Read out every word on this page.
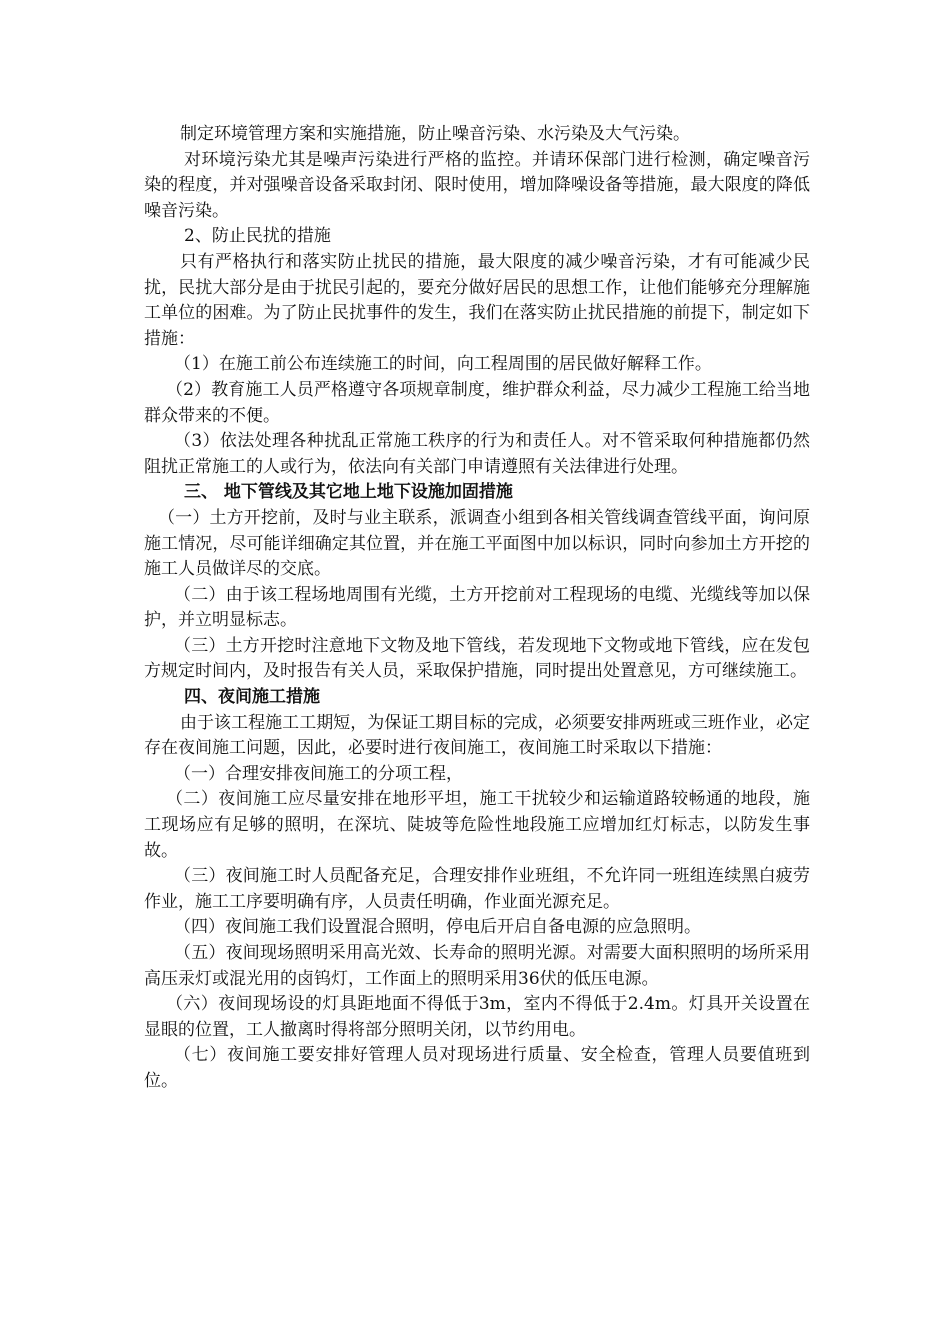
制定环境管理方案和实施措施，防止噪音污染、水污染及大气污染。

对环境污染尤其是噪声污染进行严格的监控。并请环保部门进行检测，确定噪音污染的程度，并对强噪音设备采取封闭、限时使用，增加降噪设备等措施，最大限度的降低噪音污染。

2、防止民扰的措施

只有严格执行和落实防止扰民的措施，最大限度的减少噪音污染，才有可能减少民扰，民扰大部分是由于扰民引起的，要充分做好居民的思想工作，让他们能够充分理解施工单位的困难。为了防止民扰事件的发生，我们在落实防止扰民措施的前提下，制定如下措施：

（1）在施工前公布连续施工的时间，向工程周围的居民做好解释工作。

（2）教育施工人员严格遵守各项规章制度，维护群众利益，尽力减少工程施工给当地群众带来的不便。

（3）依法处理各种扰乱正常施工秩序的行为和责任人。对不管采取何种措施都仍然阻扰正常施工的人或行为，依法向有关部门申请遵照有关法律进行处理。

三、 地下管线及其它地上地下设施加固措施

（一）土方开挖前，及时与业主联系，派调查小组到各相关管线调查管线平面，询问原施工情况，尽可能详细确定其位置，并在施工平面图中加以标识，同时向参加土方开挖的施工人员做详尽的交底。

（二）由于该工程场地周围有光缆，土方开挖前对工程现场的电缆、光缆线等加以保护，并立明显标志。

（三）土方开挖时注意地下文物及地下管线，若发现地下文物或地下管线，应在发包方规定时间内，及时报告有关人员，采取保护措施，同时提出处置意见，方可继续施工。

四、夜间施工措施

由于该工程施工工期短，为保证工期目标的完成，必须要安排两班或三班作业，必定存在夜间施工问题，因此，必要时进行夜间施工，夜间施工时采取以下措施：

（一）合理安排夜间施工的分项工程，

（二）夜间施工应尽量安排在地形平坦，施工干扰较少和运输道路较畅通的地段，施工现场应有足够的照明，在深坑、陡坡等危险性地段施工应增加红灯标志，以防发生事故。

（三）夜间施工时人员配备充足，合理安排作业班组，不允许同一班组连续黑白疲劳作业，施工工序要明确有序，人员责任明确，作业面光源充足。

（四）夜间施工我们设置混合照明，停电后开启自备电源的应急照明。

（五）夜间现场照明采用高光效、长寿命的照明光源。对需要大面积照明的场所采用高压汞灯或混光用的卤钨灯，工作面上的照明采用36伏的低压电源。

（六）夜间现场设的灯具距地面不得低于3m，室内不得低于2.4m。灯具开关设置在显眼的位置，工人撤离时得将部分照明关闭，以节约用电。

（七）夜间施工要安排好管理人员对现场进行质量、安全检查，管理人员要值班到位。
